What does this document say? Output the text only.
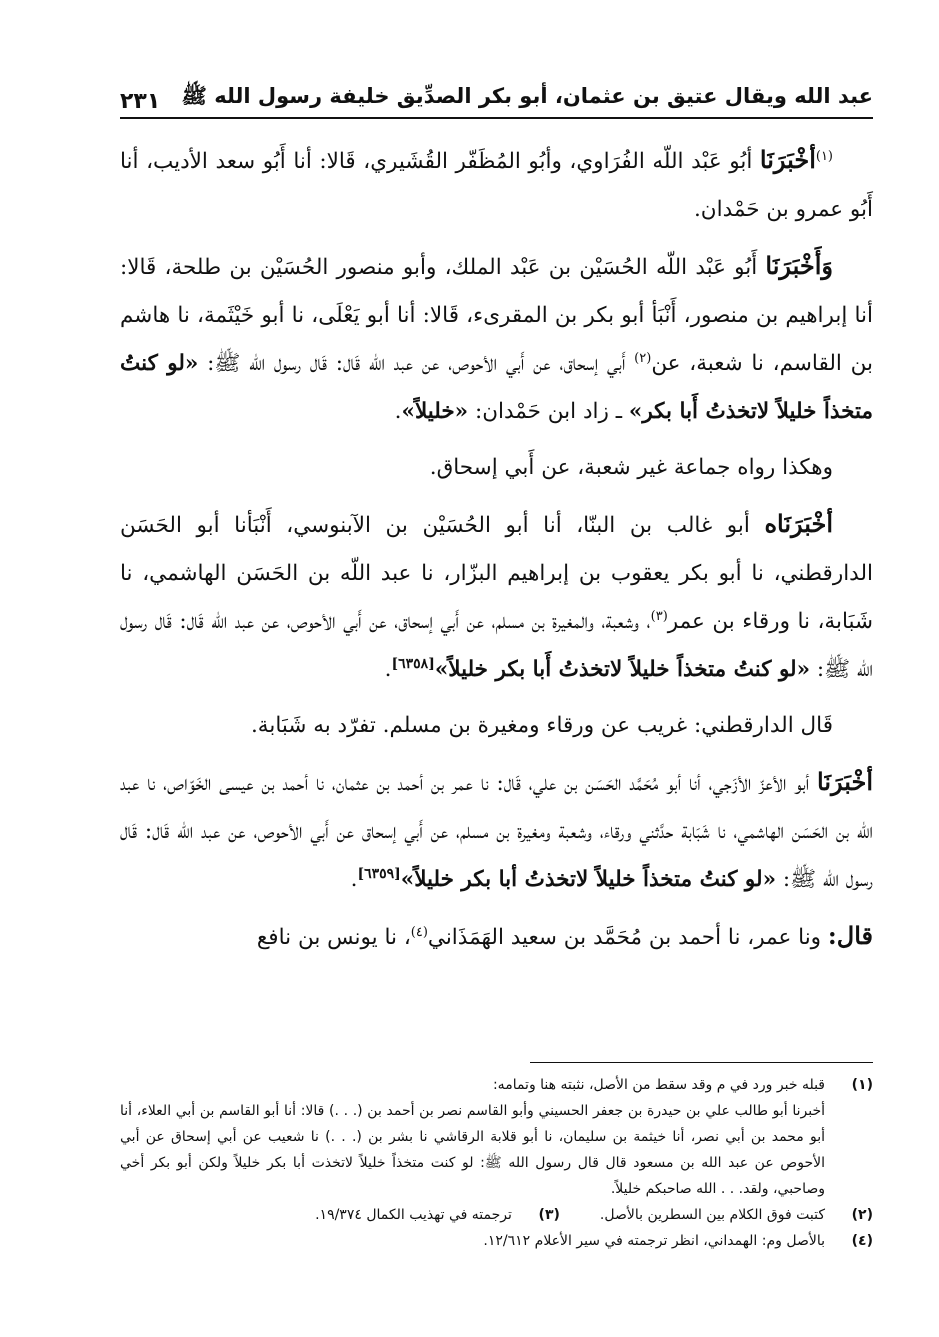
عبد الله ويقال عتيق بن عثمان، أبو بكر الصدِّيق خليفة رسول الله ﷺ
٢٣١

$^{(١)}$أخْبَرَنَا أبُو عَبْد اللّه الفُرَاوي، وأبُو المُظَفّر القُشَيري، قَالا: أنا أَبُو سعد الأديب، أنا أَبُو عمرو بن حَمْدان.

وَأَخْبَرَنَا أَبُو عَبْد اللّه الحُسَيْن بن عَبْد الملك، وأبو منصور الحُسَيْن بن طلحة، قَالا: أنا إبراهيم بن منصور، أَنْبَأ أبو بكر بن المقرىء، قَالا: أنا أبو يَعْلَى، نا أبو خَيْثَمة، نا هاشم بن القاسم، نا شعبة، عن$^{(٢)}$ أَبي إسحاق، عن أَبي الأحوص، عن عبد اللّه قَال: قَال رسول الله ﷺ: «لو كنتُ متخذاً خليلاً لاتخذتُ أَبا بكر» ـ زاد ابن حَمْدان: «خليلاً».

وهكذا رواه جماعة غير شعبة، عن أَبي إسحاق.

أخْبَرَنَاه أبو غالب بن البنّا، أنا أبو الحُسَيْن بن الآبنوسي، أَنْبَأنا أبو الحَسَن الدارقطني، نا أبو بكر يعقوب بن إبراهيم البزّار، نا عبد اللّه بن الحَسَن الهاشمي، نا شَبَابة، نا ورقاء بن عمر$^{(٣)}$، وشعبة، والمغيرة بن مسلم، عن أَبي إسحاق، عن أَبي الأحوص، عن عبد اللّه قَال: قَال رسول الله ﷺ: «لو كنتُ متخذاً خليلاً لاتخذتُ أَبا بكر خليلاً»[٦٣٥٨].

قَال الدارقطني: غريب عن ورقاء ومغيرة بن مسلم. تفرّد به شَبَابة.

أخْبَرَنَا أبو الأعزّ الأزَجي، أنا أبو مُحَمَّد الحَسَن بن علي، قَال: نا عمر بن أحمد بن عثمان، نا أحمد بن عيسى الخَوّاص، نا عبد اللّه بن الحَسَن الهاشمي، نا شَبَابة حدَّثني ورقاء، وشعبة ومغيرة بن مسلم، عن أَبي إسحاق عن أَبي الأحوص، عن عبد اللّه قَال: قَال رسول الله ﷺ: «لو كنتُ متخذاً خليلاً لاتخذتُ أبا بكر خليلاً»[٦٣٥٩].

قال: ونا عمر، نا أحمد بن مُحَمَّد بن سعيد الهَمَذَاني$^{(٤)}$، نا يونس بن نافع

(١)
قبله خبر ورد في م وقد سقط من الأصل، نثبته هنا وتمامه:

أخبرنا أبو طالب علي بن حيدرة بن جعفر الحسيني وأبو القاسم نصر بن أحمد بن (. . .) قالا: أنا أبو القاسم بن أبي العلاء، أنا أبو محمد بن أبي نصر، أنا خيثمة بن سليمان، نا أبو قلابة الرقاشي نا بشر بن (. . .) نا شعيب عن أبي إسحاق عن أبي الأحوص عن عبد الله بن مسعود قال قال رسول الله ﷺ: لو كنت متخذاً خليلاً لاتخذت أبا بكر خليلاً ولكن أبو بكر أخي وصاحبي، ولقد. . . الله صاحبكم خليلاً.

(٢)
كتبت فوق الكلام بين السطرين بالأصل.
(٣)
ترجمته في تهذيب الكمال ١٩/٣٧٤.
(٤)
بالأصل وم: الهمداني، انظر ترجمته في سير الأعلام ١٢/٦١٢.
